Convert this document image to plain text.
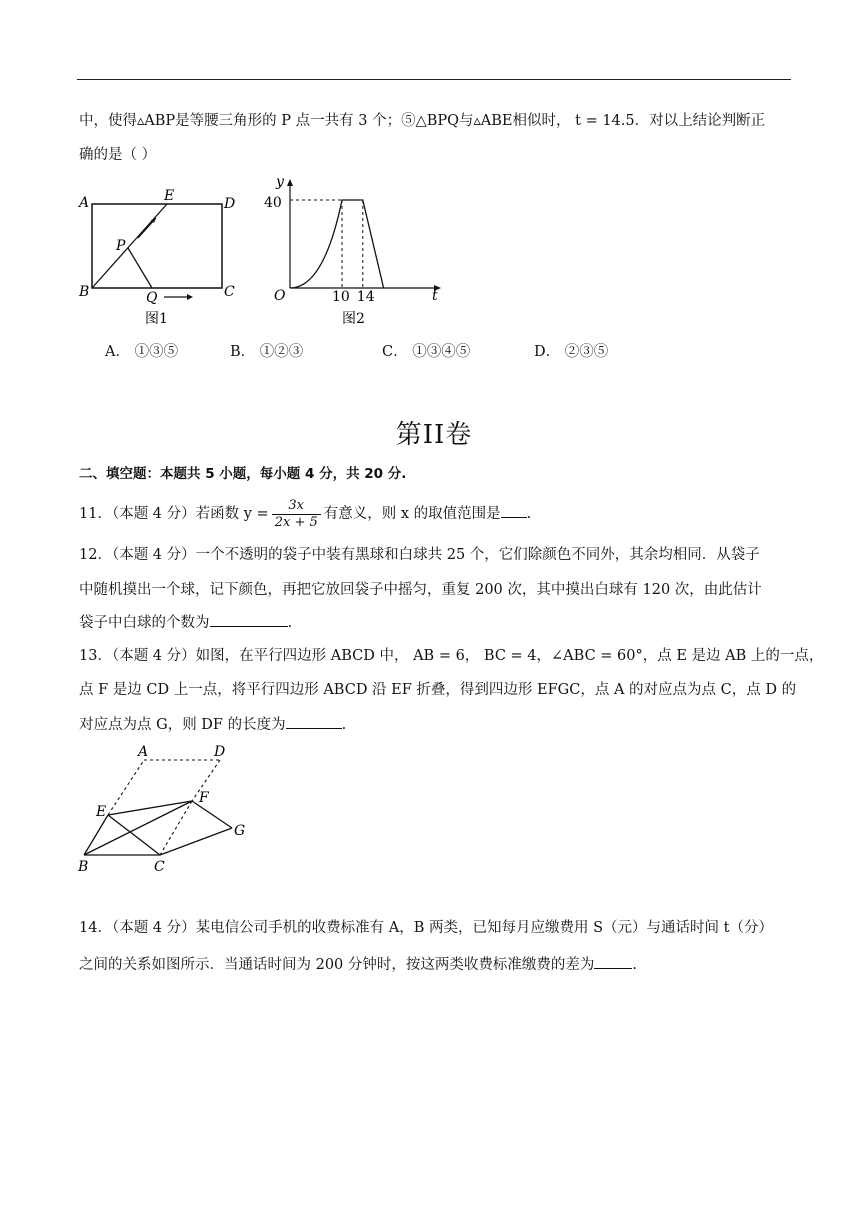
中，使得▵ABP是等腰三角形的 P 点一共有 3 个；⑤△BPQ与▵ABE相似时， t = 14.5．对以上结论判断正
确的是（ ）
A	E	D
P
B	Q	C
图1
y
40
O	10 14	t
图2
A． ①③⑤	B． ①②③	C． ①③④⑤	D． ②③⑤
第II卷
二、填空题：本题共 5 小题，每小题 4 分，共 20 分.
11．（本题 4 分）若函数 $y = \frac{3x}{2x + 5}$ 有意义，则 x 的取值范围是 .
12．（本题 4 分）一个不透明的袋子中装有黑球和白球共 25 个，它们除颜色不同外，其余均相同．从袋子
中随机摸出一个球，记下颜色，再把它放回袋子中摇匀，重复 200 次，其中摸出白球有 120 次，由此估计
袋子中白球的个数为	.
13．（本题 4 分）如图，在平行四边形 ABCD 中， AB = 6， BC = 4，∠ABC = 60°，点 E 是边 AB 上的一点，
点 F 是边 CD 上一点，将平行四边形 ABCD 沿 EF 折叠，得到四边形 EFGC，点 A 的对应点为点 C，点 D 的
对应点为点 G，则 DF 的长度为	.
A	D
E
F
G
B	C
14．（本题 4 分）某电信公司手机的收费标准有 A，B 两类，已知每月应缴费用 S（元）与通话时间 t（分）
之间的关系如图所示．当通话时间为 200 分钟时，按这两类收费标准缴费的差为	.
